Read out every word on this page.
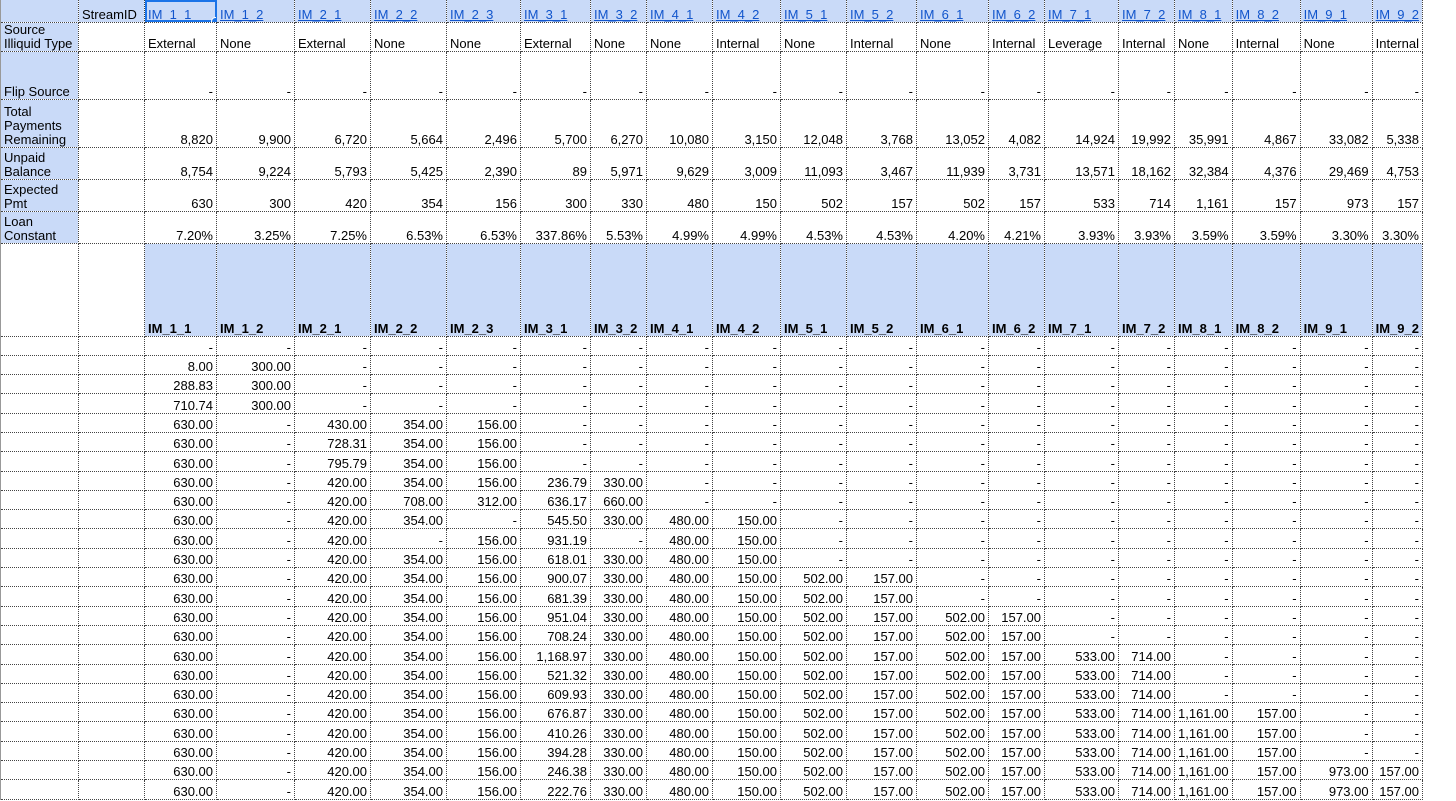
	StreamID	IM_1_1	IM_1_2	IM_2_1	IM_2_2	IM_2_3	IM_3_1	IM_3_2	IM_4_1	IM_4_2	IM_5_1	IM_5_2	IM_6_1	IM_6_2	IM_7_1	IM_7_2	IM_8_1	IM_8_2	IM_9_1	IM_9_2
Source Illiquid Type		External	None	External	None	None	External	None	None	Internal	None	Internal	None	Internal	Leverage	Internal	None	Internal	None	Internal
Flip Source		-	-	-	-	-	-	-	-	-	-	-	-	-	-	-	-	-	-	-
Total Payments Remaining		8,820	9,900	6,720	5,664	2,496	5,700	6,270	10,080	3,150	12,048	3,768	13,052	4,082	14,924	19,992	35,991	4,867	33,082	5,338
Unpaid Balance		8,754	9,224	5,793	5,425	2,390	89	5,971	9,629	3,009	11,093	3,467	11,939	3,731	13,571	18,162	32,384	4,376	29,469	4,753
Expected Pmt		630	300	420	354	156	300	330	480	150	502	157	502	157	533	714	1,161	157	973	157
Loan Constant		7.20%	3.25%	7.25%	6.53%	6.53%	337.86%	5.53%	4.99%	4.99%	4.53%	4.53%	4.20%	4.21%	3.93%	3.93%	3.59%	3.59%	3.30%	3.30%
		IM_1_1	IM_1_2	IM_2_1	IM_2_2	IM_2_3	IM_3_1	IM_3_2	IM_4_1	IM_4_2	IM_5_1	IM_5_2	IM_6_1	IM_6_2	IM_7_1	IM_7_2	IM_8_1	IM_8_2	IM_9_1	IM_9_2
		-	-	-	-	-	-	-	-	-	-	-	-	-	-	-	-	-	-	-
		8.00	300.00	-	-	-	-	-	-	-	-	-	-	-	-	-	-	-	-	-
		288.83	300.00	-	-	-	-	-	-	-	-	-	-	-	-	-	-	-	-	-
		710.74	300.00	-	-	-	-	-	-	-	-	-	-	-	-	-	-	-	-	-
		630.00	-	430.00	354.00	156.00	-	-	-	-	-	-	-	-	-	-	-	-	-	-
		630.00	-	728.31	354.00	156.00	-	-	-	-	-	-	-	-	-	-	-	-	-	-
		630.00	-	795.79	354.00	156.00	-	-	-	-	-	-	-	-	-	-	-	-	-	-
		630.00	-	420.00	354.00	156.00	236.79	330.00	-	-	-	-	-	-	-	-	-	-	-	-
		630.00	-	420.00	708.00	312.00	636.17	660.00	-	-	-	-	-	-	-	-	-	-	-	-
		630.00	-	420.00	354.00	-	545.50	330.00	480.00	150.00	-	-	-	-	-	-	-	-	-	-
		630.00	-	420.00	-	156.00	931.19	-	480.00	150.00	-	-	-	-	-	-	-	-	-	-
		630.00	-	420.00	354.00	156.00	618.01	330.00	480.00	150.00	-	-	-	-	-	-	-	-	-	-
		630.00	-	420.00	354.00	156.00	900.07	330.00	480.00	150.00	502.00	157.00	-	-	-	-	-	-	-	-
		630.00	-	420.00	354.00	156.00	681.39	330.00	480.00	150.00	502.00	157.00	-	-	-	-	-	-	-	-
		630.00	-	420.00	354.00	156.00	951.04	330.00	480.00	150.00	502.00	157.00	502.00	157.00	-	-	-	-	-	-
		630.00	-	420.00	354.00	156.00	708.24	330.00	480.00	150.00	502.00	157.00	502.00	157.00	-	-	-	-	-	-
		630.00	-	420.00	354.00	156.00	1,168.97	330.00	480.00	150.00	502.00	157.00	502.00	157.00	533.00	714.00	-	-	-	-
		630.00	-	420.00	354.00	156.00	521.32	330.00	480.00	150.00	502.00	157.00	502.00	157.00	533.00	714.00	-	-	-	-
		630.00	-	420.00	354.00	156.00	609.93	330.00	480.00	150.00	502.00	157.00	502.00	157.00	533.00	714.00	-	-	-	-
		630.00	-	420.00	354.00	156.00	676.87	330.00	480.00	150.00	502.00	157.00	502.00	157.00	533.00	714.00	1,161.00	157.00	-	-
		630.00	-	420.00	354.00	156.00	410.26	330.00	480.00	150.00	502.00	157.00	502.00	157.00	533.00	714.00	1,161.00	157.00	-	-
		630.00	-	420.00	354.00	156.00	394.28	330.00	480.00	150.00	502.00	157.00	502.00	157.00	533.00	714.00	1,161.00	157.00	-	-
		630.00	-	420.00	354.00	156.00	246.38	330.00	480.00	150.00	502.00	157.00	502.00	157.00	533.00	714.00	1,161.00	157.00	973.00	157.00
		630.00	-	420.00	354.00	156.00	222.76	330.00	480.00	150.00	502.00	157.00	502.00	157.00	533.00	714.00	1,161.00	157.00	973.00	157.00
